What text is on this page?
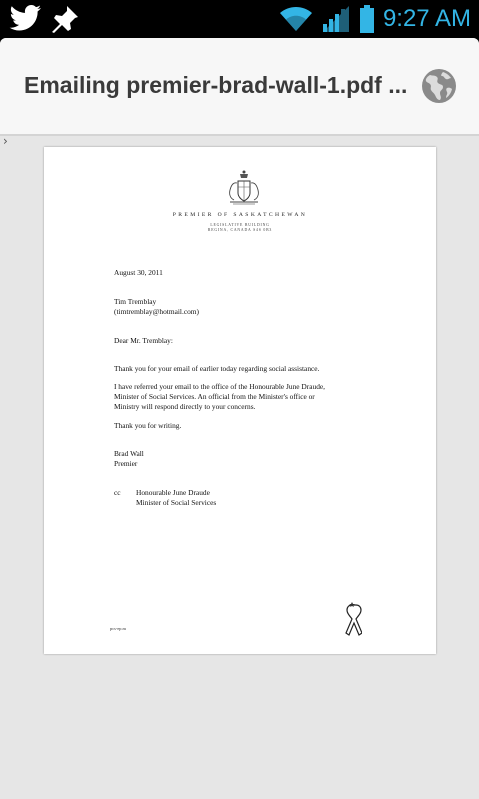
9:27 AM
Emailing premier-brad-wall-1.pdf ...
›
PREMIER OF SASKATCHEWAN
LEGISLATIVE BUILDING
REGINA, CANADA S4S 0B3
August 30, 2011
Tim Tremblay
(timtremblay@hotmail.com)
Dear Mr. Tremblay:
Thank you for your email of earlier today regarding social assistance.
I have referred your email to the office of the Honourable June Draude,
Minister of Social Services. An official from the Minister's office or
Ministry will respond directly to your concerns.
Thank you for writing.
Brad Wall
Premier
cc Honourable June Draude
Minister of Social Services
pcs-ep.m
